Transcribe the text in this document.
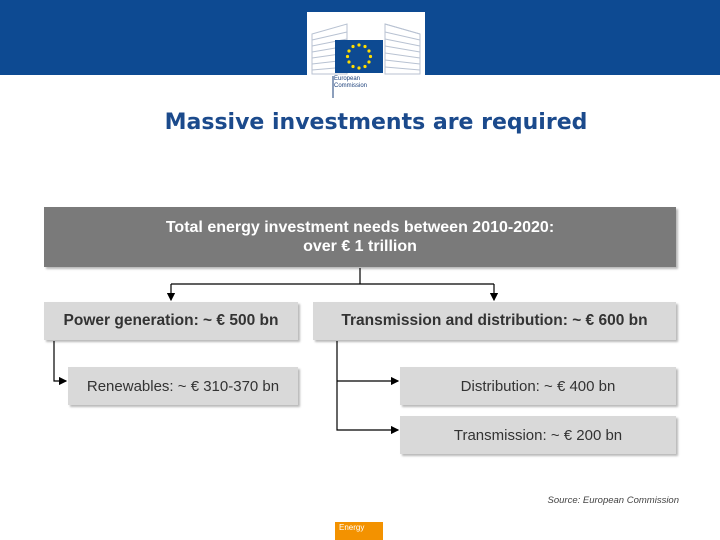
European
Commission
Massive investments are required
Total energy investment needs between 2010-2020:
over € 1 trillion
Power generation: ~ € 500 bn	Transmission and distribution: ~ € 600 bn
Renewables: ~ € 310-370 bn	Distribution: ~ € 400 bn
Transmission: ~ € 200 bn
Source: European Commission
Energy
